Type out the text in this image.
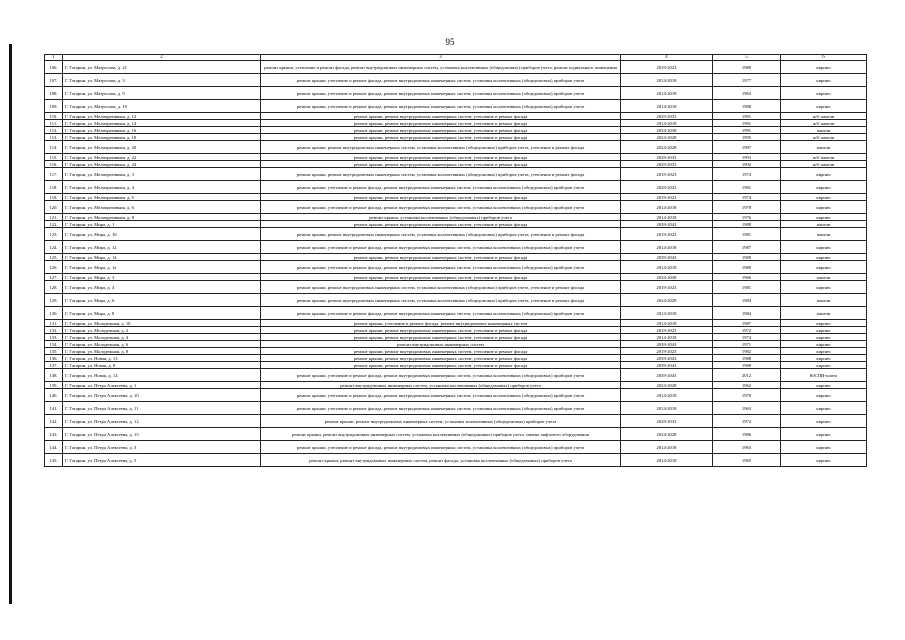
95
1	2	3	4	5	6
106.	Г. Гагарин, ул. Матросова, д. 21	ремонт крыши, утепление и ремонт фасада, ремонт внутридомовых инженерных систем, установка коллективных (общедомовых) приборов учета, ремонт подвального помещения	2019-2023	1989	кирпич
107.	Г. Гагарин, ул. Матросова, д. 3	ремонт крыши, утепление и ремонт фасада, ремонт внутридомовых инженерных систем, установка коллективных (общедомовых) приборов учета	2014-2018	1977	кирпич
108.	Г. Гагарин, ул. Матросова, д. 9	ремонт крыши, утепление и ремонт фасада, ремонт внутридомовых инженерных систем, установка коллективных (общедомовых) приборов учета	2014-2018	1963	кирпич
109.	Г. Гагарин, ул. Матросова, д. 19	ремонт крыши, утепление и ремонт фасада, ремонт внутридомовых инженерных систем, установка коллективных (общедомовых) приборов учета	2014-2018	1988	кирпич
110.	Г. Гагарин, ул. Мелиоративная, д. 12	ремонт крыши, ремонт внутридомовых инженерных систем, утепление и ремонт фасада	2029-2033	1991	ж/б панели
111.	Г. Гагарин, ул. Мелиоративная, д. 14	ремонт крыши, ремонт внутридомовых инженерных систем, утепление и ремонт фасада	2014-2018	1991	ж/б панели
112.	Г. Гагарин, ул. Мелиоративная, д. 16	ремонт крыши, ремонт внутридомовых инженерных систем, утепление и ремонт фасада	2034-2038	1991	панели
113.	Г. Гагарин, ул. Мелиоративная, д. 18	ремонт крыши, ремонт внутридомовых инженерных систем, утепление и ремонт фасада	2024-2028	1995	ж/б панели
114.	Г. Гагарин, ул. Мелиоративная, д. 20	ремонт крыши, ремонт внутридомовых инженерных систем, установка коллективных (общедомовых) приборов учета, утепление и ремонт фасада	2024-2028	1997	панели
115.	Г. Гагарин, ул. Мелиоративная, д. 22	ремонт крыши, ремонт внутридомовых инженерных систем, утепление и ремонт фасада	2029-2033	1993	ж/б панели
116.	Г. Гагарин, ул. Мелиоративная, д. 24	ремонт крыши, ремонт внутридомовых инженерных систем, утепление и ремонт фасада	2029-2033	1992	ж/б панели
117.	Г. Гагарин, ул. Мелиоративная, д. 3	ремонт крыши, ремонт внутридомовых инженерных систем, установка коллективных (общедомовых) приборов учета, утепление и ремонт фасада	2019-2023	1974	кирпич
118.	Г. Гагарин, ул. Мелиоративная, д. 4	ремонт крыши, утепление и ремонт фасада, ремонт внутридомовых инженерных систем, установка коллективных (общедомовых) приборов учета	2029-2033	1981	кирпич
119.	Г. Гагарин, ул. Мелиоративная, д. 5	ремонт крыши, ремонт внутридомовых инженерных систем, утепление и ремонт фасада	2019-2023	1974	кирпич
120.	Г. Гагарин, ул. Мелиоративная, д. 6	ремонт крыши, утепление и ремонт фасада, ремонт внутридомовых инженерных систем, установка коллективных (общедомовых) приборов учета	2014-2018	1978	кирпич
121.	Г. Гагарин, ул. Мелиоративная, д. 8	ремонт крыши, установка коллективных (общедомовых) приборов учета	2014-2018	1976	кирпич
122.	Г. Гагарин, ул. Мира, д. 1	ремонт крыши, ремонт внутридомовых инженерных систем, утепление и ремонт фасада	2039-2043	1988	панели
123.	Г. Гагарин, ул. Мира, д. 10	ремонт крыши, ремонт внутридомовых инженерных систем, установка коллективных (общедомовых) приборов учета, утепление и ремонт фасада	2019-2023	1981	панели
124.	Г. Гагарин, ул. Мира, д. 12	ремонт крыши, утепление и ремонт фасада, ремонт внутридомовых инженерных систем, установка коллективных (общедомовых) приборов учета	2014-2018	1987	кирпич
125.	Г. Гагарин, ул. Мира, д. 14	ремонт крыши, ремонт внутридомовых инженерных систем, утепление и ремонт фасада	2039-2043	1989	кирпич
126.	Г. Гагарин, ул. Мира, д. 1а	ремонт крыши, утепление и ремонт фасада, ремонт внутридомовых инженерных систем, установка коллективных (общедомовых) приборов учета	2014-2018	1989	кирпич
127.	Г. Гагарин, ул. Мира, д. 3	ремонт крыши, ремонт внутридомовых инженерных систем, утепление и ремонт фасада	2034-2038	1966	панели
128.	Г. Гагарин, ул. Мира, д. 4	ремонт крыши, ремонт внутридомовых инженерных систем, установка коллективных (общедомовых) приборов учета, утепление и ремонт фасада	2019-2023	1981	кирпич
129.	Г. Гагарин, ул. Мира, д. 6	ремонт крыши, ремонт внутридомовых инженерных систем, установка коллективных (общедомовых) приборов учета, утепление и ремонт фасада	2024-2028	1984	панели
130.	Г. Гагарин, ул. Мира, д. 8	ремонт крыши, утепление и ремонт фасада, ремонт внутридомовых инженерных систем, установка коллективных (общедомовых) приборов учета	2014-2018	1984	панели
131.	Г. Гагарин, ул. Молодежная, д. 10	ремонт крыши, утепление и ремонт фасада, ремонт внутридомовых инженерных систем	2014-2018	1987	кирпич
132.	Г. Гагарин, ул. Молодежная, д. 2	ремонт крыши, ремонт внутридомовых инженерных систем, утепление и ремонт фасада	2019-2023	1972	кирпич
133.	Г. Гагарин, ул. Молодежная, д. 4	ремонт крыши, ремонт внутридомовых инженерных систем, утепление и ремонт фасада	2014-2018	1974	кирпич
134.	Г. Гагарин, ул. Молодежная, д. 6	ремонт внутридомовых инженерных систем	2039-2043	1971	кирпич
135.	Г. Гагарин, ул. Молодежная, д. 8	ремонт крыши, ремонт внутридомовых инженерных систем, утепление и ремонт фасада	2019-2023	1982	кирпич
136.	Г. Гагарин, ул. Новая, д. 13	ремонт крыши, ремонт внутридомовых инженерных систем, утепление и ремонт фасада	2039-2043	1988	кирпич
137.	Г. Гагарин, ул. Новая, д. 8	ремонт крыши, ремонт внутридомовых инженерных систем, утепление и ремонт фасада	2039-2043	1988	кирпич
138.	Г. Гагарин, ул. Новая, д. 14	ремонт крыши, утепление и ремонт фасада, ремонт внутридомовых инженерных систем, установка коллективных (общедомовых) приборов учета	2039-2043	2012	ЮСПИ-плита
139.	Г. Гагарин, ул. Петра Алексеева, д. 1	ремонт внутридомовых инженерных систем, установка коллективных (общедомовых) приборов учета	2024-2028	1962	кирпич
140.	Г. Гагарин, ул. Петра Алексеева, д. 10	ремонт крыши, утепление и ремонт фасада, ремонт внутридомовых инженерных систем, установка коллективных (общедомовых) приборов учета	2014-2018	1970	кирпич
141.	Г. Гагарин, ул. Петра Алексеева, д. 11	ремонт крыши, утепление и ремонт фасада, ремонт внутридомовых инженерных систем, установка коллективных (общедомовых) приборов учета	2014-2018	1963	кирпич
142.	Г. Гагарин, ул. Петра Алексеева, д. 12	ремонт крыши, ремонт внутридомовых инженерных систем, установка коллективных (общедомовых) приборов учета	2029-2033	1972	кирпич
143.	Г. Гагарин, ул. Петра Алексеева, д. 15	ремонт крыши, ремонт внутридомовых инженерных систем, установка коллективных (общедомовых) приборов учета, замена лифтового оборудования	2024-2028	1986	кирпич
144.	Г. Гагарин, ул. Петра Алексеева, д. 3	ремонт крыши, утепление и ремонт фасада, ремонт внутридомовых инженерных систем, установка коллективных (общедомовых) приборов учета	2014-2018	1963	кирпич
145.	Г. Гагарин, ул. Петра Алексеева, д. 5	ремонт крыши, ремонт внутридомовых инженерных систем, ремонт фасада, установка коллективных (общедомовых) приборов учета	2014-2018	1965	кирпич
